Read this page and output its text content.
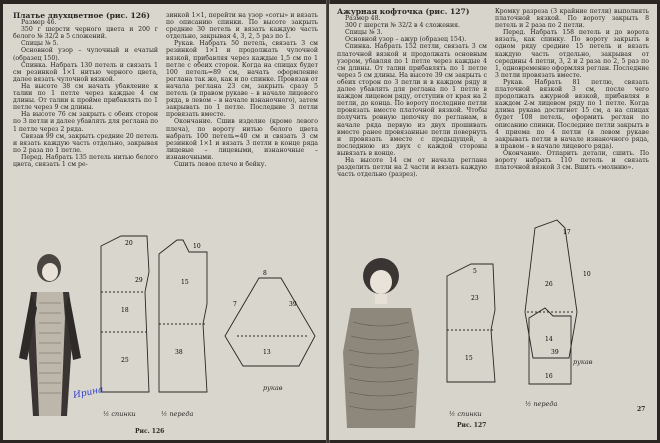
Платье двухцветное (рис. 126)

Размер 46.

350 г шерсти черного цвета и 200 г белого № 32/2 в 5 сложений.

Спицы № 5.

Основной узор – чулочный и ечатый (образец 150).

Спинка. Набрать 130 петель и связать 1 см резинкой 1×1 нитью черного цвета, далее вязать чулочной вязкой.

На высоте 38 см начать убавление к талии по 1 петле через каждые 4 см длины. От талии к пройме прибавлять по 1 петле через 9 см длины.

На высоте 76 см закрыть с обеих сторон по 3 петли и далее убавлять для реглана по 1 петле через 2 ряда.

Связав 99 см, закрыть средние 20 петель и вязать каждую часть отдельно, закрывая по 2 раза по 1 петле.

Перед. Набрать 135 петель нитью белого цвета, связать 1 см ре-

зинкой 1×1, перейти на узор «соты» и вязать по описанию спинки. По высоте закрыть средние 30 петель и вязать каждую часть отдельно, закрывая 4, 3, 2, 5 раз по 1.

Рукав. Набрать 50 петель, связать 3 см резинкой 1×1 и продолжать чулочной вязкой, прибавляя через каждые 1,5 см по 1 петле с обеих сторон. Когда на спицах будет 100 петель=89 см, начать оформление реглана так же, как и по спинке. Провязав от начала реглана 23 см, закрыть сразу 5 петель (в правом рукаве – в начале лицевого ряда, в левом – в начале изнаночного), затем закрывать по 1 петле. Последние 3 петли провязать вместе.

Окончание. Сшив изделие (кроме левого плеча), по вороту нитью белого цвета набрать 100 петель=40 см и связать 3 см резинкой 1×1 и вязать 3 петли в конце ряда лицевые – лицевыми, изнаночные – изнаночными.

Сшить левое плечо и бейку.

20
29
18
25
10
15
38
8
39
13
7
½ спинки	½ переда
рукав
Рис. 126
Ирина

Ажурная кофточка (рис. 127)

Размер 48.

300 г шерсти № 32/2 в 4 сложения.

Спицы № 3.

Основной узор – ажур (образец 154).

Спинка. Набрать 152 петли, связать 3 см платочной вязкой и продолжать основным узором, убавляя по 1 петле через каждые 4 см длины. От талии прибавлять по 1 петле через 5 см длины. На высоте 39 см закрыть с обеих сторон по 3 петли и в каждом ряду и далее убавлять для реглана по 1 петле в каждом лицевом ряду, отступив от края на 2 петли, до конца. По вороту последние петли провязать вместе платочной вязкой. Чтобы получить ровную цепочку по регланам, в начале ряда первую из двух прошивать вместе ранее провязанные петли повернуть и провязать вместе с предыдущей, а последнюю из двух с каждой стороны вывязать в конце.

На высоте 14 см от начала реглана разделить петли на 2 части и вязать каждую часть отдельно (разрез).

Кромку разреза (3 крайние петли) выполнять платочной вязкой. По вороту закрыть 8 петель и 2 раза по 2 петли.

Перед. Набрать 158 петель и до ворота вязать, как спинку. По вороту закрыть в одном ряду средние 15 петель и вязать каждую часть отдельно, закрывая от середины 4 петли, 3, 2 и 2 раза по 2, 5 раз по 1, одновременно оформляя реглан. Последние 3 петли провязать вместе.

Рукав. Набрать 81 петлю, связать платочной вязкой 3 см, после чего продолжать ажурной вязкой, прибавляя в каждом 2-м лицевом ряду по 1 петле. Когда длина рукава достигнет 15 см, а на спицах будет 108 петель, оформить реглан по описанию спинки. Последние петли закрыть в 4 приема по 4 петли (в левом рукаве закрывать петли в начале изнаночного ряда, в правом – в начале лицевого ряда).

Окончание. Отпарить детали, сшить. По вороту набрать 110 петель и связать платочной вязкой 3 см. Вшить «молнию».

17
10
26
14
5
23
15
39
16
½ спинки
½ переда
рукав
Рис. 127
27
